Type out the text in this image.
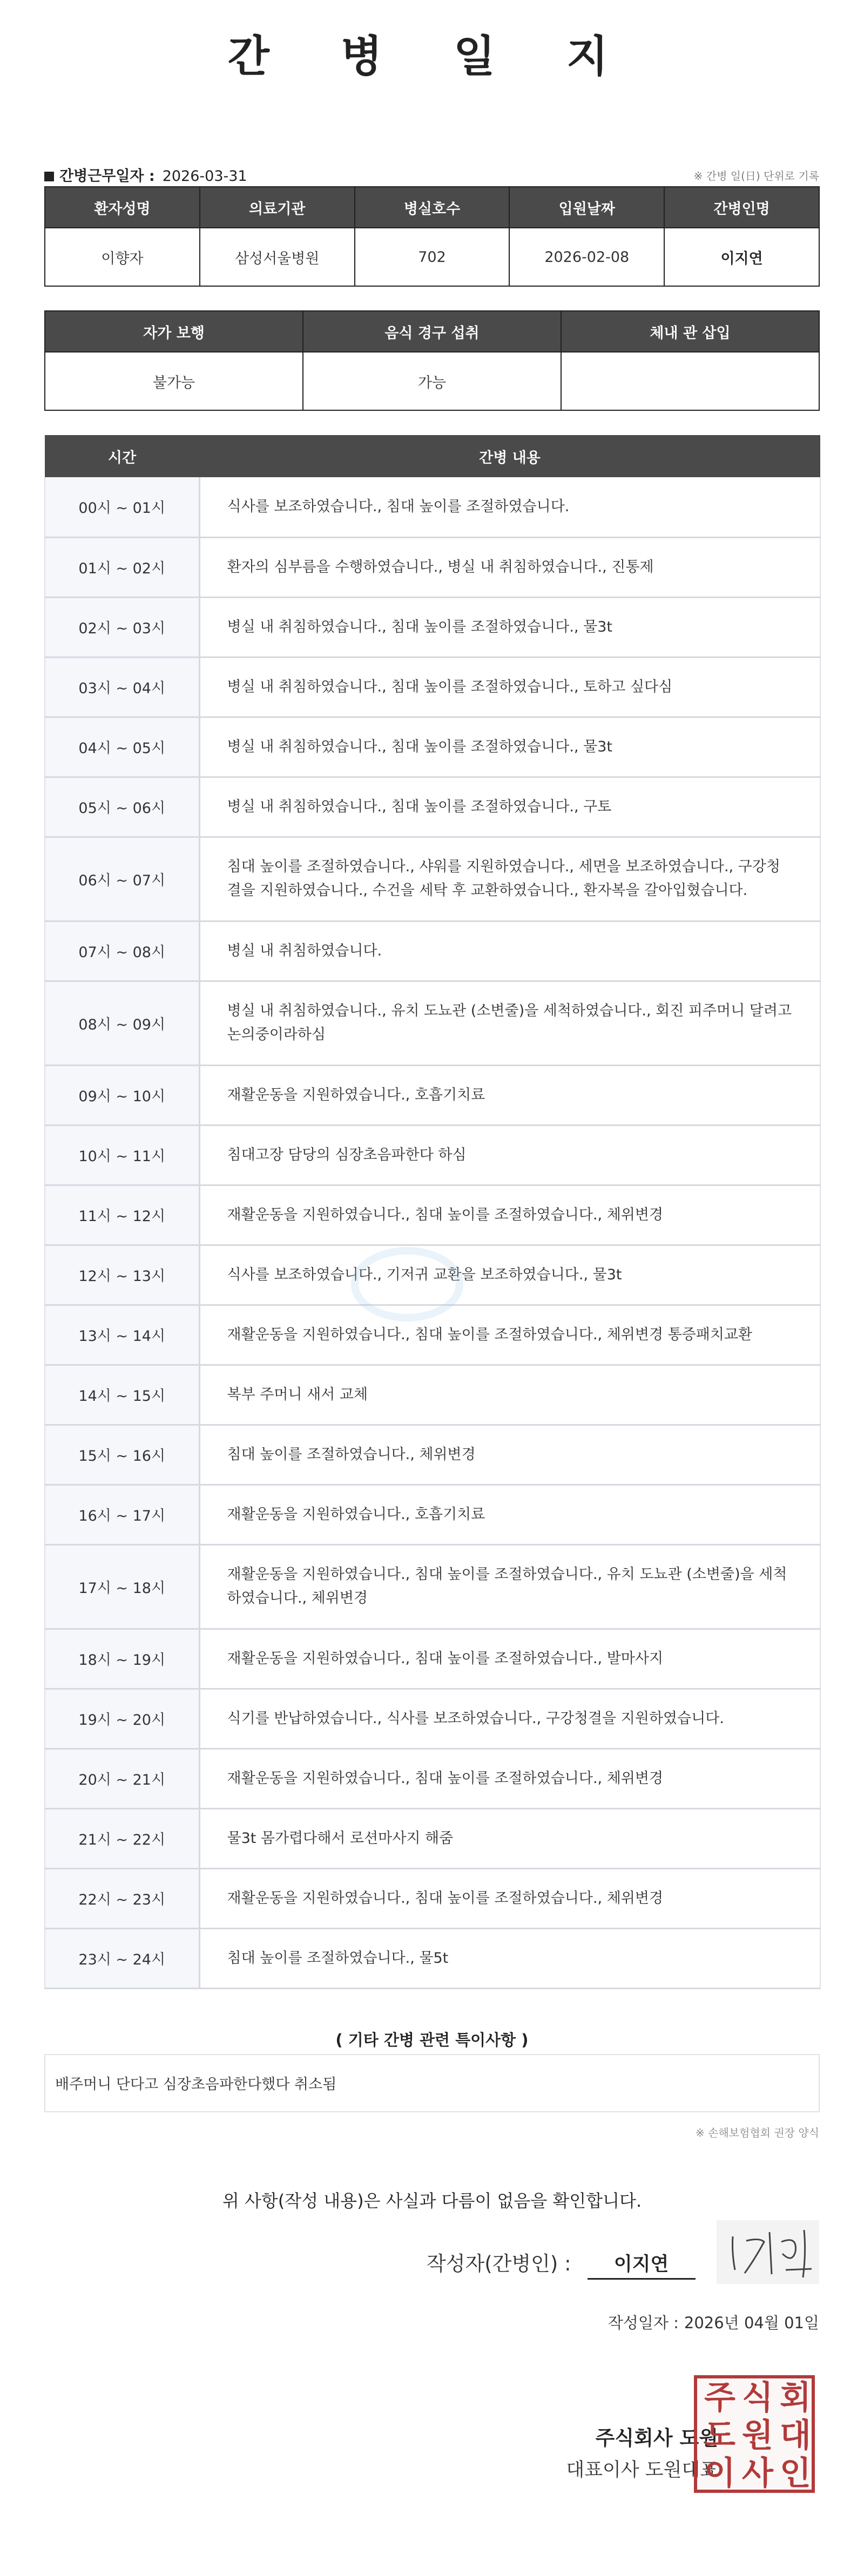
간 병 일 지
간병근무일자 : 2026-03-31	※ 간병 일(日) 단위로 기록
환자성명	의료기관	병실호수	입원날짜	간병인명
이향자	삼성서울병원	702	2026-02-08	이지연
자가 보행	음식 경구 섭취	체내 관 삽입
불가능	가능	
시간	간병 내용
00시 ~ 01시	식사를 보조하였습니다., 침대 높이를 조절하였습니다.
01시 ~ 02시	환자의 심부름을 수행하였습니다., 병실 내 취침하였습니다., 진통제
02시 ~ 03시	병실 내 취침하였습니다., 침대 높이를 조절하였습니다., 물3t
03시 ~ 04시	병실 내 취침하였습니다., 침대 높이를 조절하였습니다., 토하고 싶다심
04시 ~ 05시	병실 내 취침하였습니다., 침대 높이를 조절하였습니다., 물3t
05시 ~ 06시	병실 내 취침하였습니다., 침대 높이를 조절하였습니다., 구토
06시 ~ 07시	침대 높이를 조절하였습니다., 샤워를 지원하였습니다., 세면을 보조하였습니다., 구강청결을 지원하였습니다., 수건을 세탁 후 교환하였습니다., 환자복을 갈아입혔습니다.
07시 ~ 08시	병실 내 취침하였습니다.
08시 ~ 09시	병실 내 취침하였습니다., 유치 도뇨관 (소변줄)을 세척하였습니다., 회진 피주머니 달려고 논의중이라하심
09시 ~ 10시	재활운동을 지원하였습니다., 호흡기치료
10시 ~ 11시	침대고장 담당의 심장초음파한다 하심
11시 ~ 12시	재활운동을 지원하였습니다., 침대 높이를 조절하였습니다., 체위변경
12시 ~ 13시	식사를 보조하였습니다., 기저귀 교환을 보조하였습니다., 물3t
13시 ~ 14시	재활운동을 지원하였습니다., 침대 높이를 조절하였습니다., 체위변경 통증패치교환
14시 ~ 15시	복부 주머니 새서 교체
15시 ~ 16시	침대 높이를 조절하였습니다., 체위변경
16시 ~ 17시	재활운동을 지원하였습니다., 호흡기치료
17시 ~ 18시	재활운동을 지원하였습니다., 침대 높이를 조절하였습니다., 유치 도뇨관 (소변줄)을 세척하였습니다., 체위변경
18시 ~ 19시	재활운동을 지원하였습니다., 침대 높이를 조절하였습니다., 발마사지
19시 ~ 20시	식기를 반납하였습니다., 식사를 보조하였습니다., 구강청결을 지원하였습니다.
20시 ~ 21시	재활운동을 지원하였습니다., 침대 높이를 조절하였습니다., 체위변경
21시 ~ 22시	물3t 몸가렵다해서 로션마사지 해줌
22시 ~ 23시	재활운동을 지원하였습니다., 침대 높이를 조절하였습니다., 체위변경
23시 ~ 24시	침대 높이를 조절하였습니다., 물5t
( 기타 간병 관련 특이사항 )
배주머니 단다고 심장초음파한다했다 취소됨
※ 손해보험협회 권장 양식
위 사항(작성 내용)은 사실과 다름이 없음을 확인합니다.
작성자(간병인) : 이지연
작성일자 : 2026년 04월 01일
주식회사 도원
대표이사 도원대표
주 식 회
도 원 대
이 사 인
